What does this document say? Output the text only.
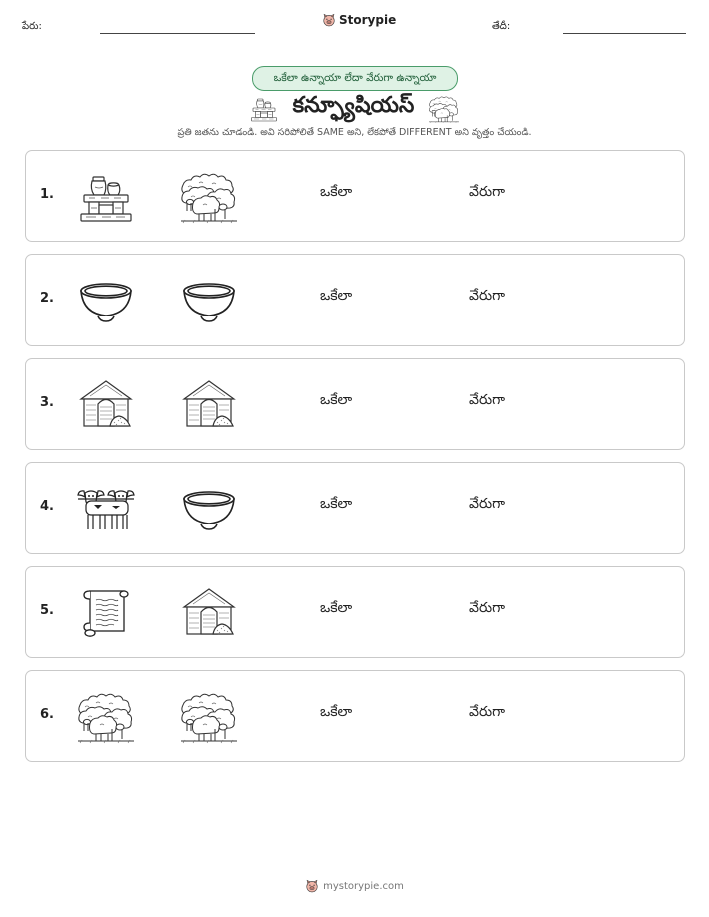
పేరు:	Storypie	తేదీ:
ఒకేలా ఉన్నాయా లేదా వేరుగా ఉన్నాయా
కన్ఫ్యూషియస్
ప్రతి జతను చూడండి. అవి సరిపోలితే SAME అని, లేకపోతే DIFFERENT అని వృత్తం చేయండి.
1.	ఒకేలా	వేరుగా
2.	ఒకేలా	వేరుగా
3.	ఒకేలా	వేరుగా
4.	ఒకేలా	వేరుగా
5.	ఒకేలా	వేరుగా
6.	ఒకేలా	వేరుగా
mystorypie.com
